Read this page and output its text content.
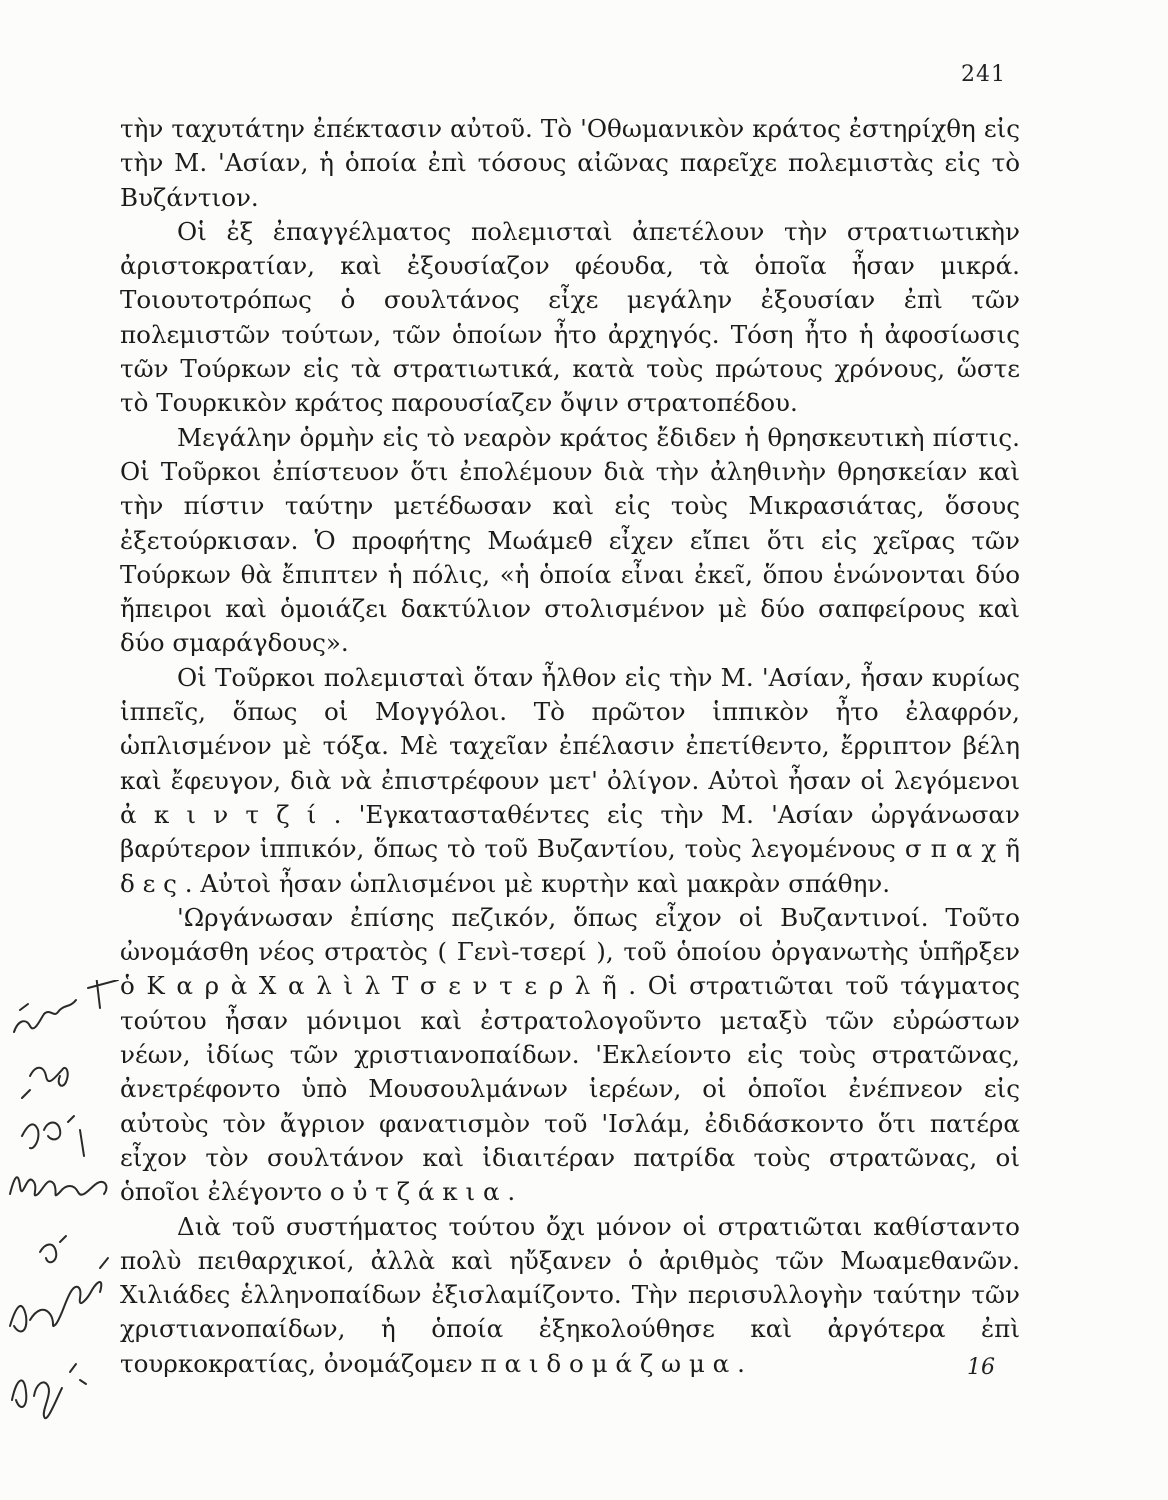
241

τὴν ταχυτάτην ἐπέκτασιν αὐτοῦ. Τὸ 'Οθωμανικὸν κράτος ἐστηρίχθη εἰς τὴν Μ. 'Ασίαν, ἡ ὁποία ἐπὶ τόσους αἰῶνας παρεῖχε πολεμιστὰς εἰς τὸ Βυζάντιον.

Οἱ ἐξ ἐπαγγέλματος πολεμισταὶ ἀπετέλουν τὴν στρατιωτικὴν ἀριστοκρατίαν, καὶ ἐξουσίαζον φέουδα, τὰ ὁποῖα ἦσαν μικρά. Τοιουτοτρόπως ὁ σουλτάνος εἶχε μεγάλην ἐξουσίαν ἐπὶ τῶν πολεμιστῶν τούτων, τῶν ὁποίων ἦτο ἀρχηγός. Τόση ἦτο ἡ ἀφοσίωσις τῶν Τούρκων εἰς τὰ στρατιωτικά, κατὰ τοὺς πρώτους χρόνους, ὥστε τὸ Τουρκικὸν κράτος παρουσίαζεν ὄψιν στρατοπέδου.

Μεγάλην ὁρμὴν εἰς τὸ νεαρὸν κράτος ἔδιδεν ἡ θρησκευτικὴ πίστις. Οἱ Τοῦρκοι ἐπίστευον ὅτι ἐπολέμουν διὰ τὴν ἀληθινὴν θρησκείαν καὶ τὴν πίστιν ταύτην μετέδωσαν καὶ εἰς τοὺς Μικρασιάτας, ὅσους ἐξετούρκισαν. Ὁ προφήτης Μωάμεθ εἶχεν εἴπει ὅτι εἰς χεῖρας τῶν Τούρκων θὰ ἔπιπτεν ἡ πόλις, «ἡ ὁποία εἶναι ἐκεῖ, ὅπου ἑνώνονται δύο ἤπειροι καὶ ὁμοιάζει δακτύλιον στολισμένον μὲ δύο σαπφείρους καὶ δύο σμαράγδους».

Οἱ Τοῦρκοι πολεμισταὶ ὅταν ἦλθον εἰς τὴν Μ. 'Ασίαν, ἦσαν κυρίως ἱππεῖς, ὅπως οἱ Μογγόλοι. Τὸ πρῶτον ἱππικὸν ἦτο ἐλαφρόν, ὡπλισμένον μὲ τόξα. Μὲ ταχεῖαν ἐπέλασιν ἐπετίθεντο, ἔρριπτον βέλη καὶ ἔφευγον, διὰ νὰ ἐπιστρέφουν μετ' ὀλίγον. Αὐτοὶ ἦσαν οἱ λεγόμενοι ἀ κ ι ν τ ζ ί . 'Εγκατασταθέντες εἰς τὴν Μ. 'Ασίαν ὠργάνωσαν βαρύτερον ἱππικόν, ὅπως τὸ τοῦ Βυζαντίου, τοὺς λεγομένους σ π α χ ῆ δ ε ς . Αὐτοὶ ἦσαν ὡπλισμένοι μὲ κυρτὴν καὶ μακρὰν σπάθην.

'Ωργάνωσαν ἐπίσης πεζικόν, ὅπως εἶχον οἱ Βυζαντινοί. Τοῦτο ὠνομάσθη νέος στρατὸς ( Γενὶ-τσερί ), τοῦ ὁποίου ὀργανωτὴς ὑπῆρξεν ὁ Κ α ρ ὰ Χ α λ ὶ λ Τ σ ε ν τ ε ρ λ ῆ . Οἱ στρατιῶται τοῦ τάγματος τούτου ἦσαν μόνιμοι καὶ ἐστρατολογοῦντο μεταξὺ τῶν εὐρώστων νέων, ἰδίως τῶν χριστιανοπαίδων. 'Εκλείοντο εἰς τοὺς στρατῶνας, ἀνετρέφοντο ὑπὸ Μουσουλμάνων ἱερέων, οἱ ὁποῖοι ἐνέπνεον εἰς αὐτοὺς τὸν ἄγριον φανατισμὸν τοῦ 'Ισλάμ, ἐδιδάσκοντο ὅτι πατέρα εἶχον τὸν σουλτάνον καὶ ἰδιαιτέραν πατρίδα τοὺς στρατῶνας, οἱ ὁποῖοι ἐλέγοντο ο ὐ τ ζ ά κ ι α .

Διὰ τοῦ συστήματος τούτου ὄχι μόνον οἱ στρατιῶται καθίσταντο πολὺ πειθαρχικοί, ἀλλὰ καὶ ηὔξανεν ὁ ἀριθμὸς τῶν Μωαμεθανῶν. Χιλιάδες ἑλληνοπαίδων ἐξισλαμίζοντο. Τὴν περισυλλογὴν ταύτην τῶν χριστιανοπαίδων, ἡ ὁποία ἐξηκολούθησε καὶ ἀργότερα ἐπὶ τουρκοκρατίας, ὀνομάζομεν π α ι δ ο μ ά ζ ω μ α .	16
